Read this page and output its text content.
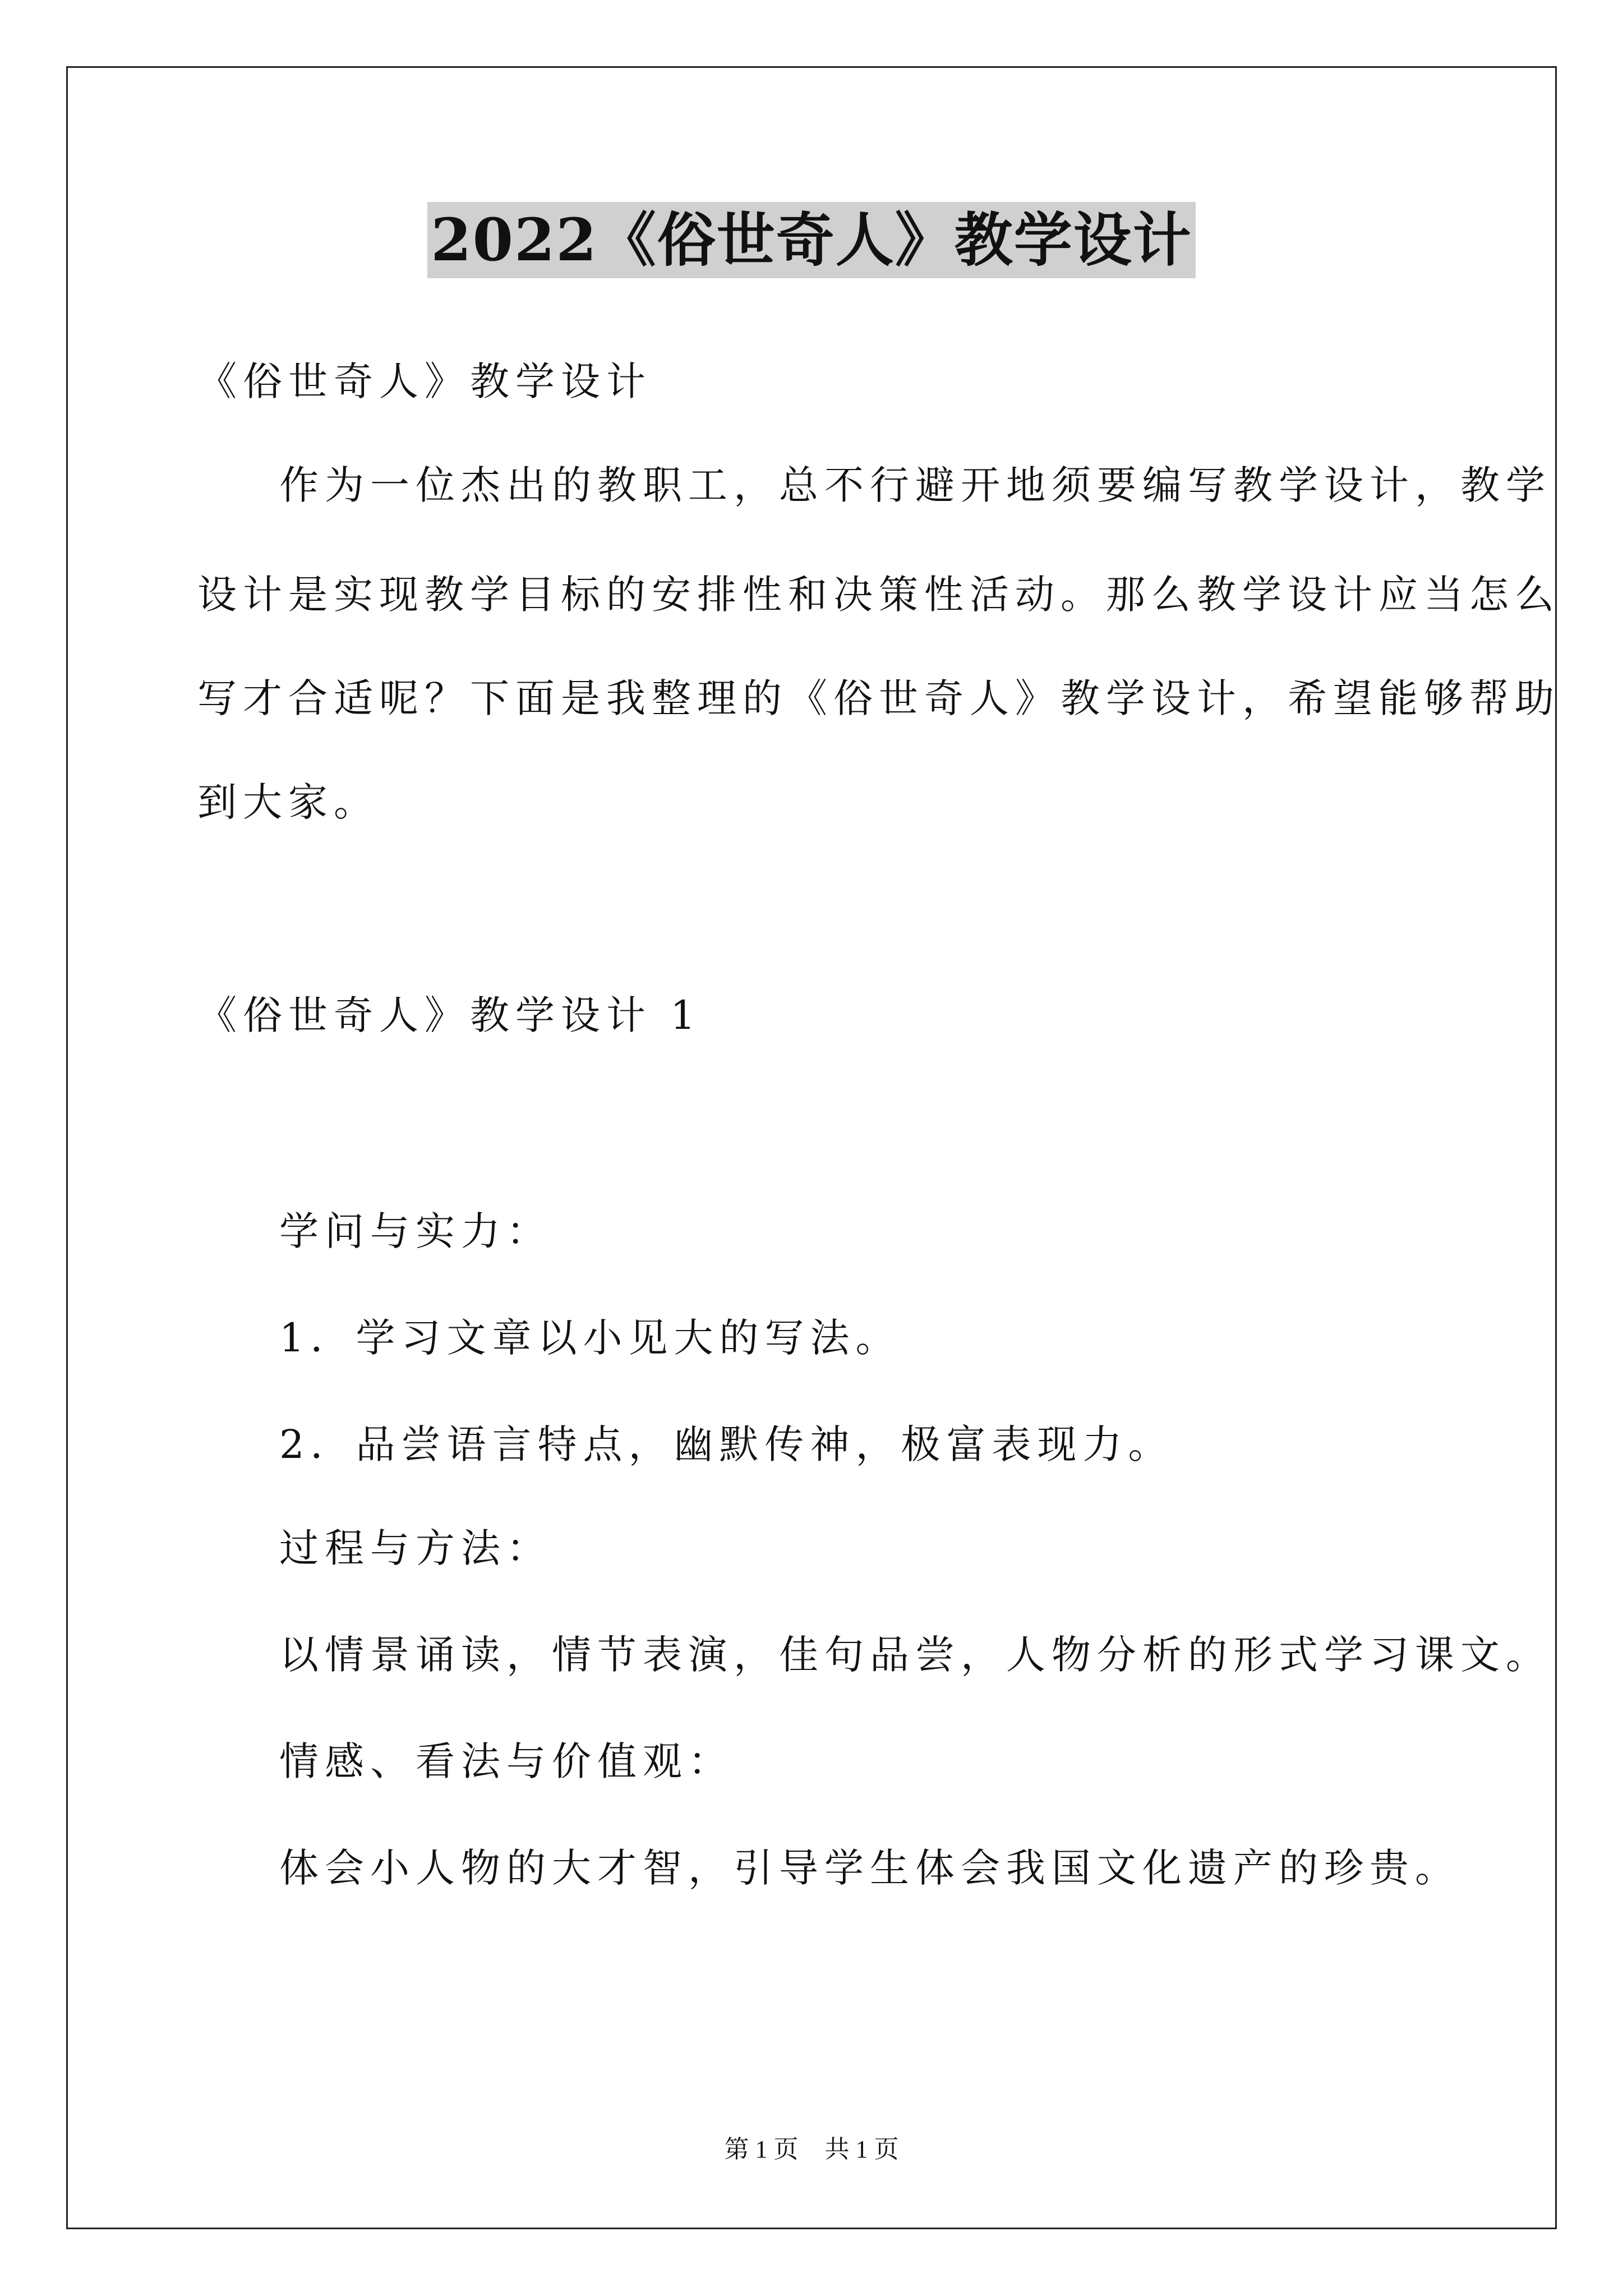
2022《俗世奇人》教学设计
《俗世奇人》教学设计
作为一位杰出的教职工，总不行避开地须要编写教学设计，教学
设计是实现教学目标的安排性和决策性活动。那么教学设计应当怎么
写才合适呢？下面是我整理的《俗世奇人》教学设计，希望能够帮助
到大家。
《俗世奇人》教学设计 1
学问与实力：
1．学习文章以小见大的写法。
2．品尝语言特点，幽默传神，极富表现力。
过程与方法：
以情景诵读，情节表演，佳句品尝，人物分析的形式学习课文。
情感、看法与价值观：
体会小人物的大才智，引导学生体会我国文化遗产的珍贵。
第 1 页 共 1 页
